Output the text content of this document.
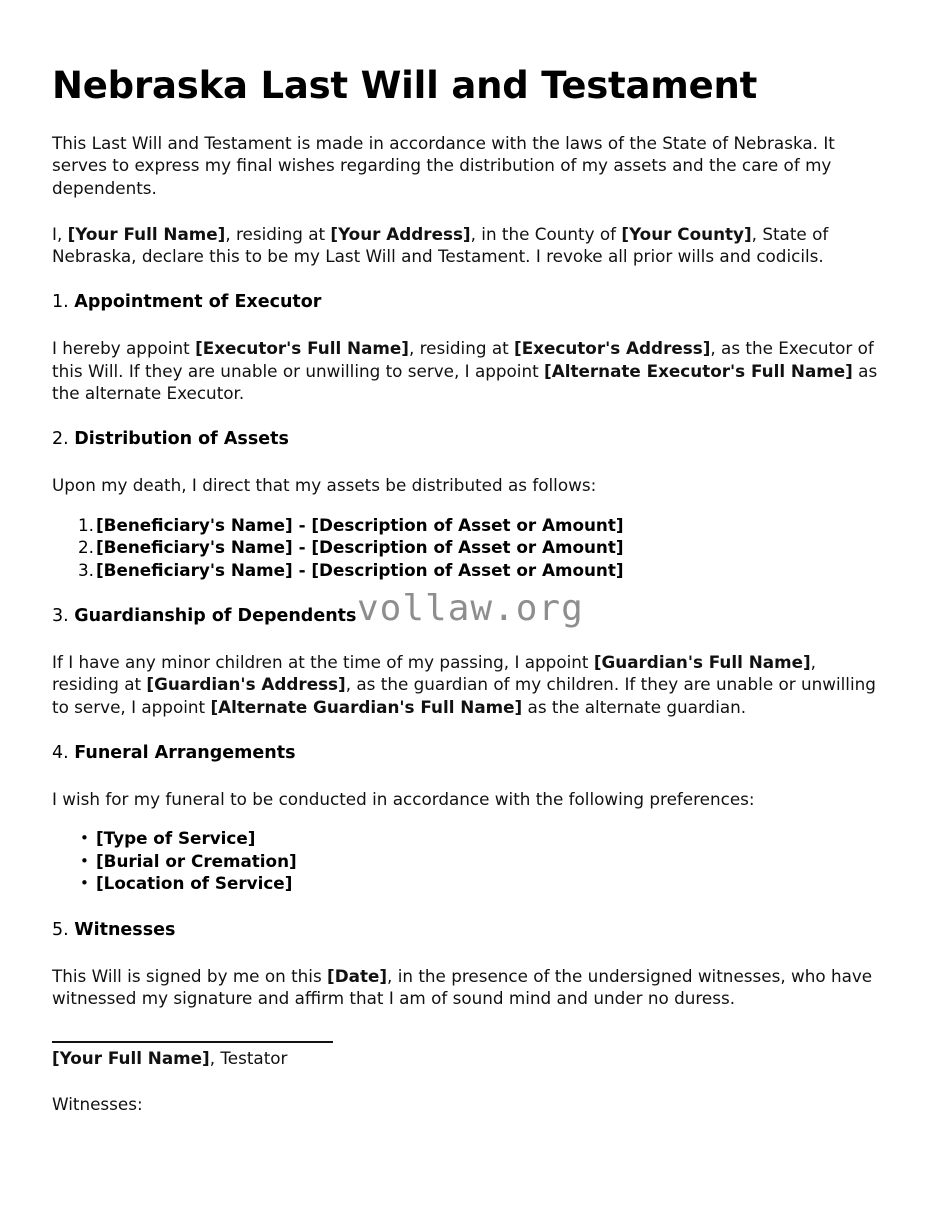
vollaw.org
Nebraska Last Will and Testament

This Last Will and Testament is made in accordance with the laws of the State of Nebraska. It serves to express my final wishes regarding the distribution of my assets and the care of my dependents.

I, [Your Full Name], residing at [Your Address], in the County of [Your County], State of Nebraska, declare this to be my Last Will and Testament. I revoke all prior wills and codicils.

1. Appointment of Executor

I hereby appoint [Executor's Full Name], residing at [Executor's Address], as the Executor of this Will. If they are unable or unwilling to serve, I appoint [Alternate Executor's Full Name] as the alternate Executor.

2. Distribution of Assets

Upon my death, I direct that my assets be distributed as follows:

[Beneficiary's Name] - [Description of Asset or Amount]
[Beneficiary's Name] - [Description of Asset or Amount]
[Beneficiary's Name] - [Description of Asset or Amount]
3. Guardianship of Dependents

If I have any minor children at the time of my passing, I appoint [Guardian's Full Name], residing at [Guardian's Address], as the guardian of my children. If they are unable or unwilling to serve, I appoint [Alternate Guardian's Full Name] as the alternate guardian.

4. Funeral Arrangements

I wish for my funeral to be conducted in accordance with the following preferences:

• [Type of Service]
• [Burial or Cremation]
• [Location of Service]
5. Witnesses

This Will is signed by me on this [Date], in the presence of the undersigned witnesses, who have witnessed my signature and affirm that I am of sound mind and under no duress.

[Your Full Name], Testator

Witnesses:
